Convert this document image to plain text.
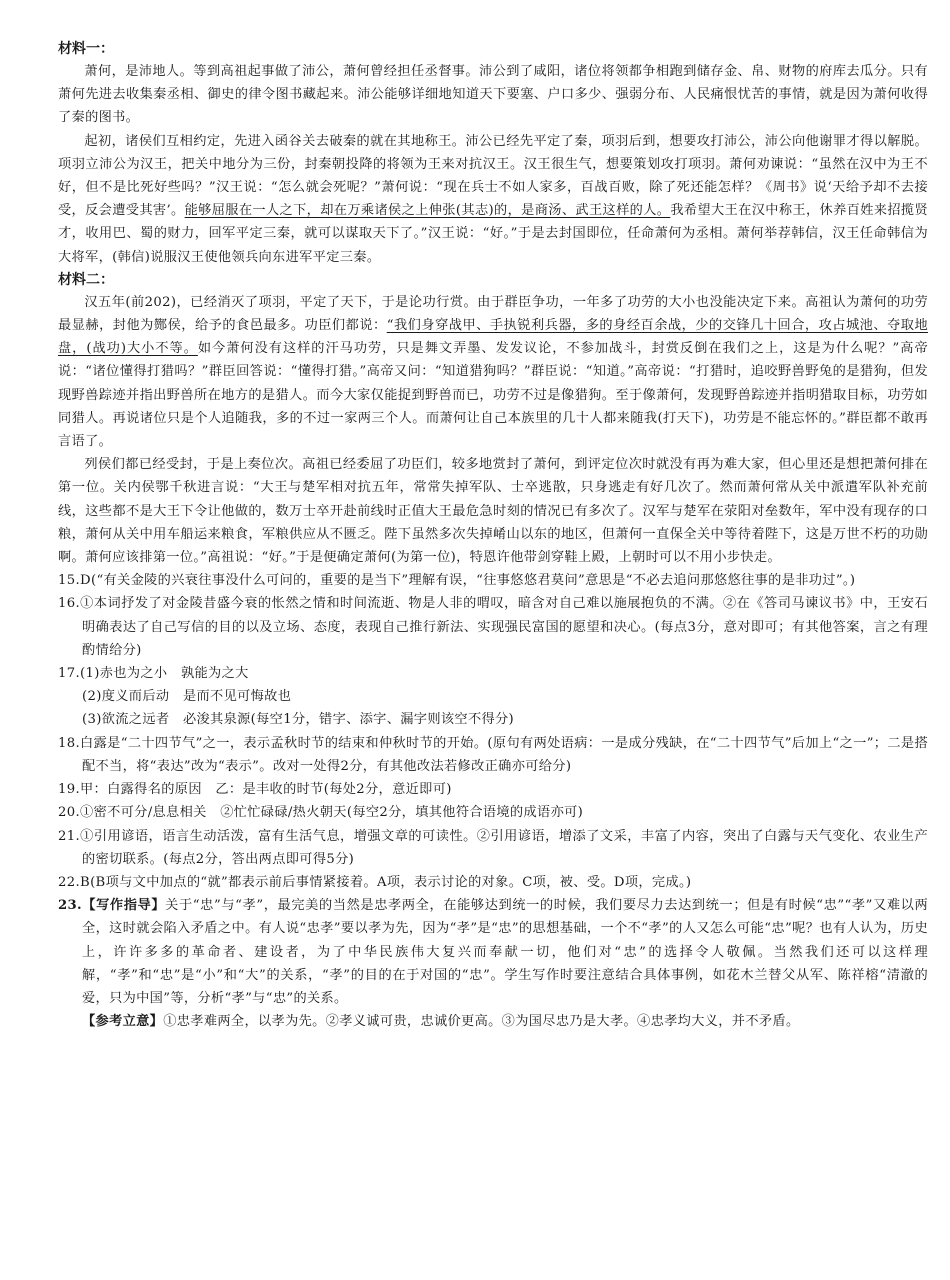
材料一：

萧何，是沛地人。等到高祖起事做了沛公，萧何曾经担任丞督事。沛公到了咸阳，诸位将领都争相跑到储存金、帛、财物的府库去瓜分。只有萧何先进去收集秦丞相、御史的律令图书藏起来。沛公能够详细地知道天下要塞、户口多少、强弱分布、人民痛恨忧苦的事情，就是因为萧何收得了秦的图书。

起初，诸侯们互相约定，先进入函谷关去破秦的就在其地称王。沛公已经先平定了秦，项羽后到，想要攻打沛公，沛公向他谢罪才得以解脱。项羽立沛公为汉王，把关中地分为三份，封秦朝投降的将领为王来对抗汉王。汉王很生气，想要策划攻打项羽。萧何劝谏说：“虽然在汉中为王不好，但不是比死好些吗？”汉王说：“怎么就会死呢？”萧何说：“现在兵士不如人家多，百战百败，除了死还能怎样？《周书》说‘天给予却不去接受，反会遭受其害’。能够屈服在一人之下，却在万乘诸侯之上伸张(其志)的，是商汤、武王这样的人。我希望大王在汉中称王，休养百姓来招揽贤才，收用巴、蜀的财力，回军平定三秦，就可以谋取天下了。”汉王说：“好。”于是去封国即位，任命萧何为丞相。萧何举荐韩信，汉王任命韩信为大将军，(韩信)说服汉王使他领兵向东进军平定三秦。

材料二：

汉五年(前202)，已经消灭了项羽，平定了天下，于是论功行赏。由于群臣争功，一年多了功劳的大小也没能决定下来。高祖认为萧何的功劳最显赫，封他为酂侯，给予的食邑最多。功臣们都说：“我们身穿战甲、手执锐利兵器，多的身经百余战，少的交锋几十回合，攻占城池、夺取地盘，(战功)大小不等。如今萧何没有这样的汗马功劳，只是舞文弄墨、发发议论，不参加战斗，封赏反倒在我们之上，这是为什么呢？”高帝说：“诸位懂得打猎吗？”群臣回答说：“懂得打猎。”高帝又问：“知道猎狗吗？”群臣说：“知道。”高帝说：“打猎时，追咬野兽野兔的是猎狗，但发现野兽踪迹并指出野兽所在地方的是猎人。而今大家仅能捉到野兽而已，功劳不过是像猎狗。至于像萧何，发现野兽踪迹并指明猎取目标，功劳如同猎人。再说诸位只是个人追随我，多的不过一家两三个人。而萧何让自己本族里的几十人都来随我(打天下)，功劳是不能忘怀的。”群臣都不敢再言语了。

列侯们都已经受封，于是上奏位次。高祖已经委屈了功臣们，较多地赏封了萧何，到评定位次时就没有再为难大家，但心里还是想把萧何排在第一位。关内侯鄂千秋进言说：“大王与楚军相对抗五年，常常失掉军队、士卒逃散，只身逃走有好几次了。然而萧何常从关中派遣军队补充前线，这些都不是大王下令让他做的，数万士卒开赴前线时正值大王最危急时刻的情况已有多次了。汉军与楚军在荥阳对垒数年，军中没有现存的口粮，萧何从关中用车船运来粮食，军粮供应从不匮乏。陛下虽然多次失掉崤山以东的地区，但萧何一直保全关中等待着陛下，这是万世不朽的功勋啊。萧何应该排第一位。”高祖说：“好。”于是便确定萧何(为第一位)，特恩许他带剑穿鞋上殿，上朝时可以不用小步快走。

15.D(“有关金陵的兴衰往事没什么可问的，重要的是当下”理解有误，“往事悠悠君莫问”意思是“不必去追问那悠悠往事的是非功过”。)

16.①本词抒发了对金陵昔盛今衰的怅然之情和时间流逝、物是人非的喟叹，暗含对自己难以施展抱负的不满。②在《答司马谏议书》中，王安石明确表达了自己写信的目的以及立场、态度，表现自己推行新法、实现强民富国的愿望和决心。(每点3分，意对即可；有其他答案，言之有理酌情给分)

17.(1)赤也为之小　孰能为之大

(2)度义而后动　是而不见可悔故也

(3)欲流之远者　必浚其泉源(每空1分，错字、添字、漏字则该空不得分)

18.白露是“二十四节气”之一，表示孟秋时节的结束和仲秋时节的开始。(原句有两处语病：一是成分残缺，在“二十四节气”后加上“之一”；二是搭配不当，将“表达”改为“表示”。改对一处得2分，有其他改法若修改正确亦可给分)

19.甲：白露得名的原因　乙：是丰收的时节(每处2分，意近即可)

20.①密不可分/息息相关　②忙忙碌碌/热火朝天(每空2分，填其他符合语境的成语亦可)

21.①引用谚语，语言生动活泼，富有生活气息，增强文章的可读性。②引用谚语，增添了文采，丰富了内容，突出了白露与天气变化、农业生产的密切联系。(每点2分，答出两点即可得5分)

22.B(B项与文中加点的“就”都表示前后事情紧接着。A项，表示讨论的对象。C项，被、受。D项，完成。)

23.【写作指导】关于“忠”与“孝”，最完美的当然是忠孝两全，在能够达到统一的时候，我们要尽力去达到统一；但是有时候“忠”“孝”又难以两全，这时就会陷入矛盾之中。有人说“忠孝”要以孝为先，因为“孝”是“忠”的思想基础，一个不“孝”的人又怎么可能“忠”呢？也有人认为，历史上，许许多多的革命者、建设者，为了中华民族伟大复兴而奉献一切，他们对“忠”的选择令人敬佩。当然我们还可以这样理解，“孝”和“忠”是“小”和“大”的关系，“孝”的目的在于对国的“忠”。学生写作时要注意结合具体事例，如花木兰替父从军、陈祥榕“清澈的爱，只为中国”等，分析“孝”与“忠”的关系。

【参考立意】①忠孝难两全，以孝为先。②孝义诚可贵，忠诚价更高。③为国尽忠乃是大孝。④忠孝均大义，并不矛盾。
